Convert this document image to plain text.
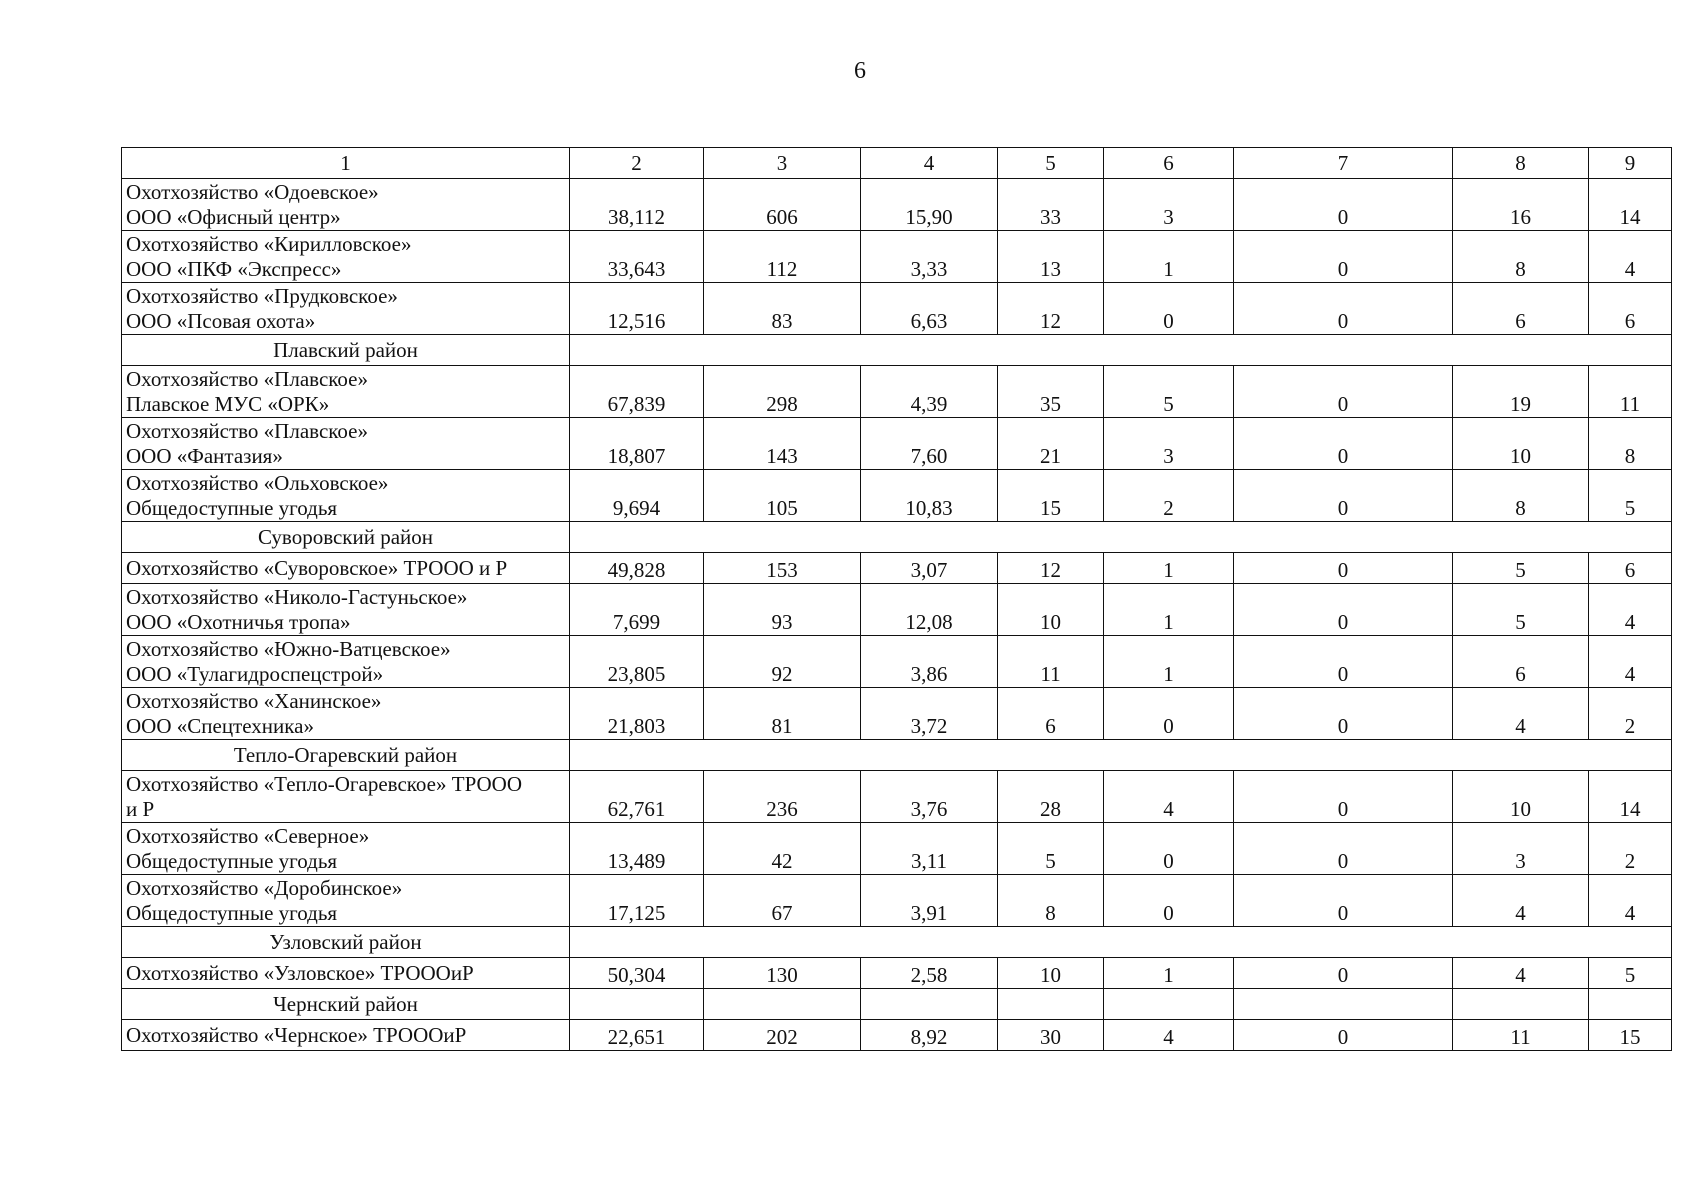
6
1	2	3	4	5	6	7	8	9

Охотхозяйство «Одоевское»
ООО «Офисный центр»	38,112	606	15,90	33	3	0	16	14

Охотхозяйство «Кирилловское»
ООО «ПКФ «Экспресс»	33,643	112	3,33	13	1	0	8	4

Охотхозяйство «Прудковское»
ООО «Псовая охота»	12,516	83	6,63	12	0	0	6	6
Плавский район								

Охотхозяйство «Плавское»
Плавское МУС «ОРК»	67,839	298	4,39	35	5	0	19	11

Охотхозяйство «Плавское»
ООО «Фантазия»	18,807	143	7,60	21	3	0	10	8

Охотхозяйство «Ольховское»
Общедоступные угодья	9,694	105	10,83	15	2	0	8	5
Суворовский район								

Охотхозяйство «Суворовское» ТРООО и Р	49,828	153	3,07	12	1	0	5	6

Охотхозяйство «Николо-Гастуньское»
ООО «Охотничья тропа»	7,699	93	12,08	10	1	0	5	4

Охотхозяйство «Южно-Ватцевское»
ООО «Тулагидроспецстрой»	23,805	92	3,86	11	1	0	6	4

Охотхозяйство «Ханинское»
ООО «Спецтехника»	21,803	81	3,72	6	0	0	4	2
Тепло-Огаревский район								

Охотхозяйство «Тепло-Огаревское» ТРООО
и Р	62,761	236	3,76	28	4	0	10	14

Охотхозяйство «Северное»
Общедоступные угодья	13,489	42	3,11	5	0	0	3	2

Охотхозяйство «Доробинское»
Общедоступные угодья	17,125	67	3,91	8	0	0	4	4
Узловский район								

Охотхозяйство «Узловское» ТРОООиР	50,304	130	2,58	10	1	0	4	5
Чернский район								

Охотхозяйство «Чернское» ТРОООиР	22,651	202	8,92	30	4	0	11	15
